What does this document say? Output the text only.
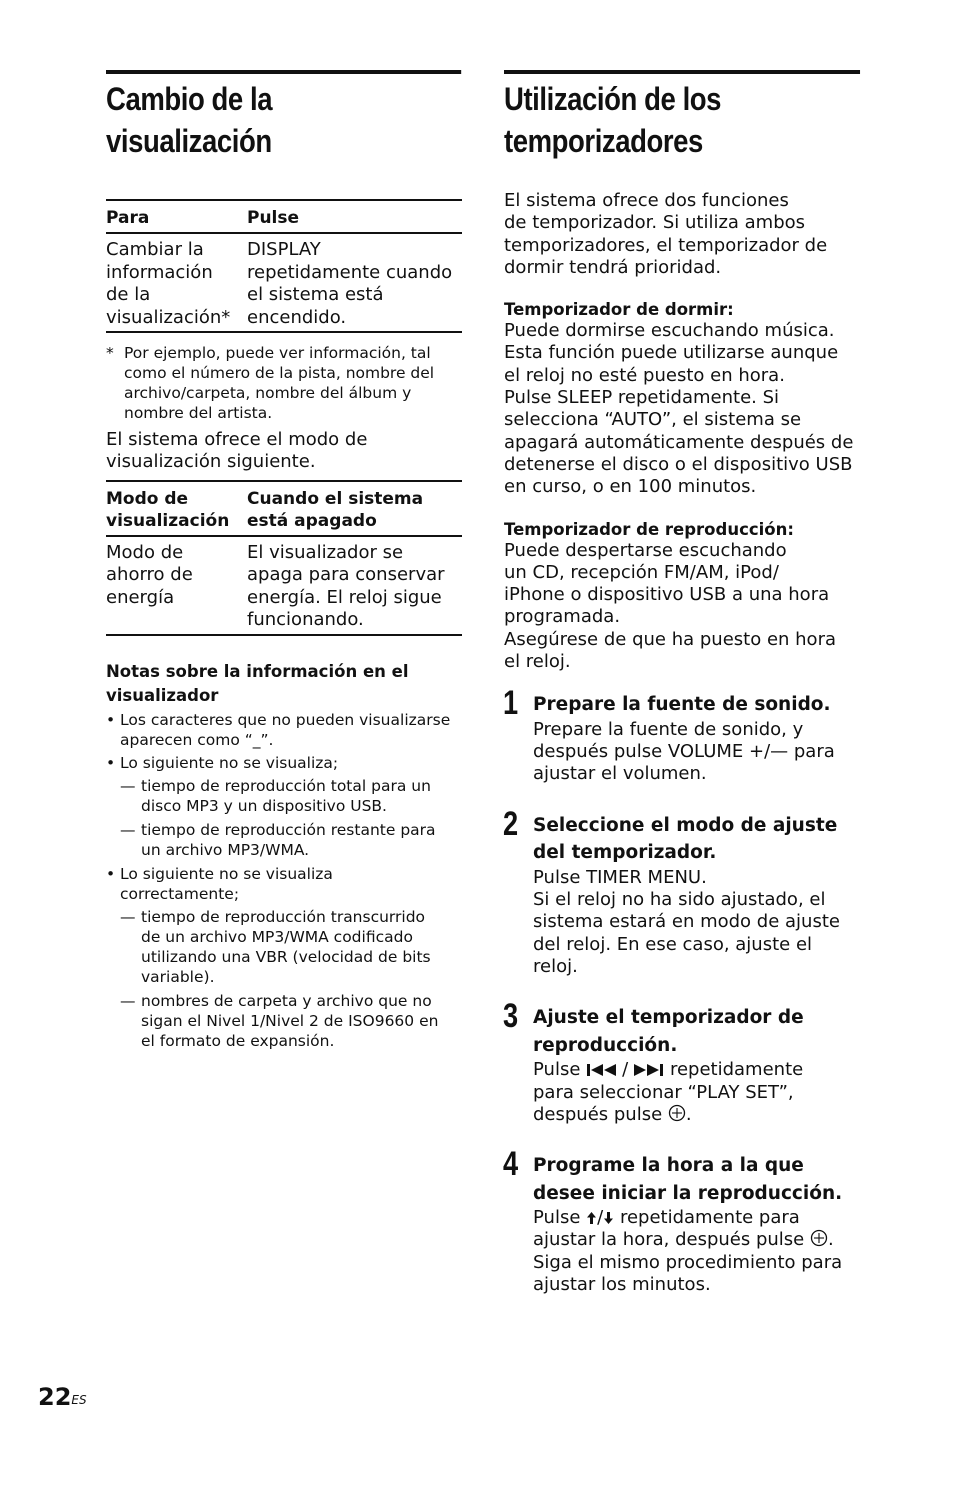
Cambio de la
visualización
Para	Pulse
Cambiar la
información
de la
visualización*	DISPLAY
repetidamente cuando
el sistema está
encendido.

* Por ejemplo, puede ver información, tal
como el número de la pista, nombre del
archivo/carpeta, nombre del álbum y
nombre del artista.

El sistema ofrece el modo de
visualización siguiente.

Modo de
visualización	Cuando el sistema
está apagado
Modo de
ahorro de
energía	El visualizador se
apaga para conservar
energía. El reloj sigue
funcionando.

Notas sobre la información en el
visualizador

• Los caracteres que no pueden visualizarse
aparecen como “_”.
• Lo siguiente no se visualiza;
— tiempo de reproducción total para un
disco MP3 y un dispositivo USB.
— tiempo de reproducción restante para
un archivo MP3/WMA.
• Lo siguiente no se visualiza
correctamente;
— tiempo de reproducción transcurrido
de un archivo MP3/WMA codificado
utilizando una VBR (velocidad de bits
variable).
— nombres de carpeta y archivo que no
sigan el Nivel 1/Nivel 2 de ISO9660 en
el formato de expansión.
Utilización de los
temporizadores

El sistema ofrece dos funciones
de temporizador. Si utiliza ambos
temporizadores, el temporizador de
dormir tendrá prioridad.

Temporizador de dormir:

Puede dormirse escuchando música.
Esta función puede utilizarse aunque
el reloj no esté puesto en hora.
Pulse SLEEP repetidamente. Si
selecciona “AUTO”, el sistema se
apagará automáticamente después de
detenerse el disco o el dispositivo USB
en curso, o en 100 minutos.

Temporizador de reproducción:

Puede despertarse escuchando
un CD, recepción FM/AM, iPod/
iPhone o dispositivo USB a una hora
programada.
Asegúrese de que ha puesto en hora
el reloj.

1 Prepare la fuente de sonido.

Prepare la fuente de sonido, y
después pulse VOLUME +/— para
ajustar el volumen.

2 Seleccione el modo de ajuste
del temporizador.

Pulse TIMER MENU.
Si el reloj no ha sido ajustado, el
sistema estará en modo de ajuste
del reloj. En ese caso, ajuste el reloj.

3 Ajuste el temporizador de
reproducción.

Pulse / repetidamente
para seleccionar “PLAY SET”,
después pulse .

4 Programe la hora a la que
desee iniciar la reproducción.

Pulse / repetidamente para
ajustar la hora, después pulse .
Siga el mismo procedimiento para
ajustar los minutos.

$22^{ES}$
